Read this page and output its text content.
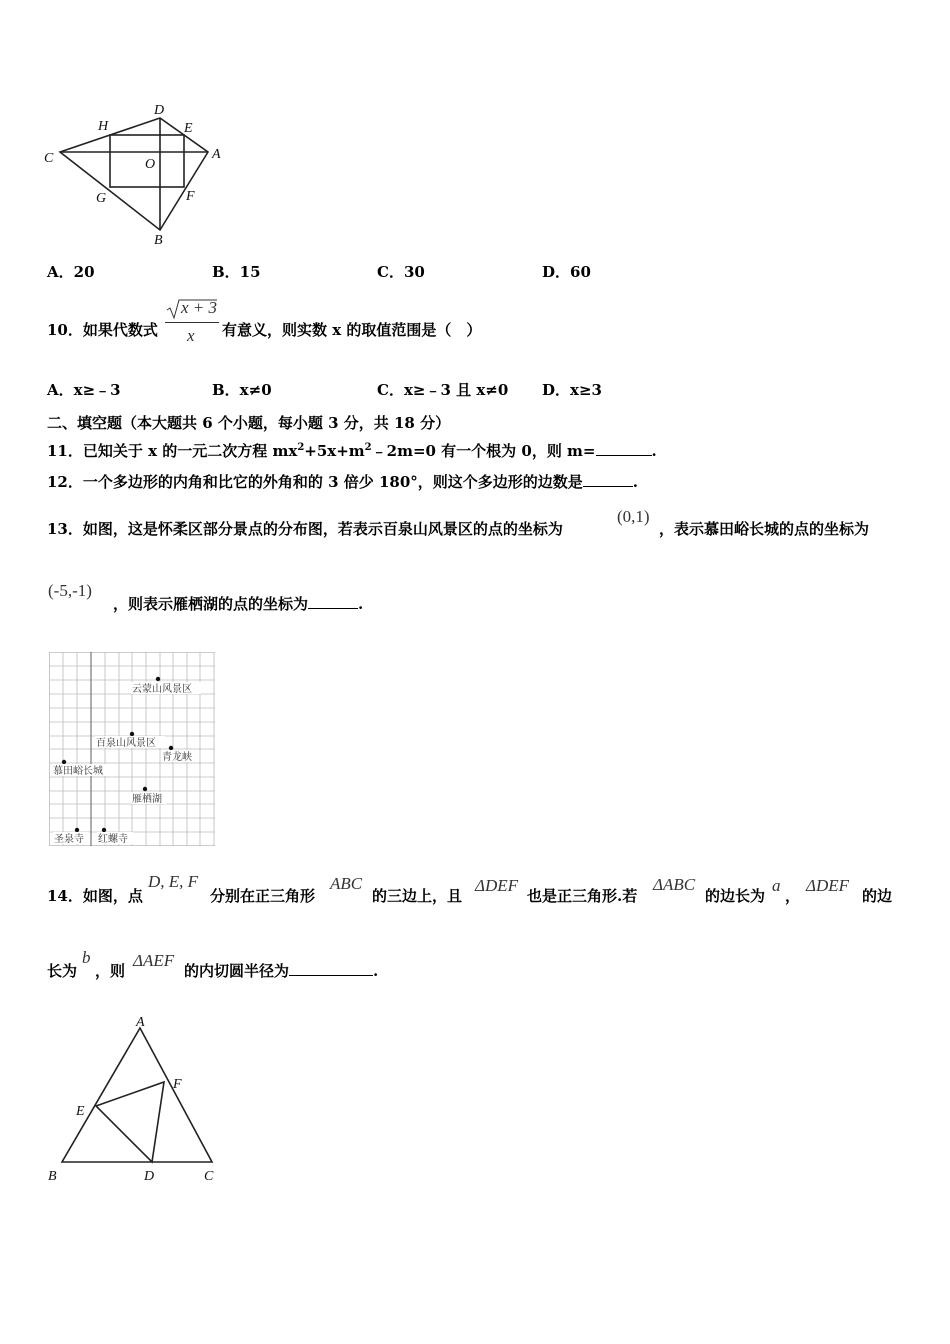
D
H	E
C	O
A
G	F
B
A．20	B．15	C．30	D．60
10．如果代数式
x + 3
x 有意义，则实数 x 的取值范围是（　）
A．x≥﹣3	B．x≠0	C．x≥﹣3 且 x≠0 D．x≥3
二、填空题（本大题共 6 个小题，每小题 3 分，共 18 分）
11．已知关于 x 的一元二次方程 $mx^2+5x+m^2﹣2m=0$ 有一个根为 0，则 m=	.
12．一个多边形的内角和比它的外角和的 3 倍少 180°，则这个多边形的边数是	.
13．如图，这是怀柔区部分景点的分布图，若表示百泉山风景区的点的坐标为
(0,1)
，表示慕田峪长城的点的坐标为
(-5,-1)
，则表示雁栖湖的点的坐标为	.
云蒙山风景区
百泉山风景区
青龙峡
慕田峪长城
雁栖湖
圣泉寺 红螺寺
14．如图，点
D, E, F
分别在正三角形
ABC
的三边上，且
ΔDEF
也是正三角形.若
ΔABC
的边长为
a
，
ΔDEF
的边
长为
b
，则
ΔAEF
的内切圆半径为	.
A
F
E
B	D	C
